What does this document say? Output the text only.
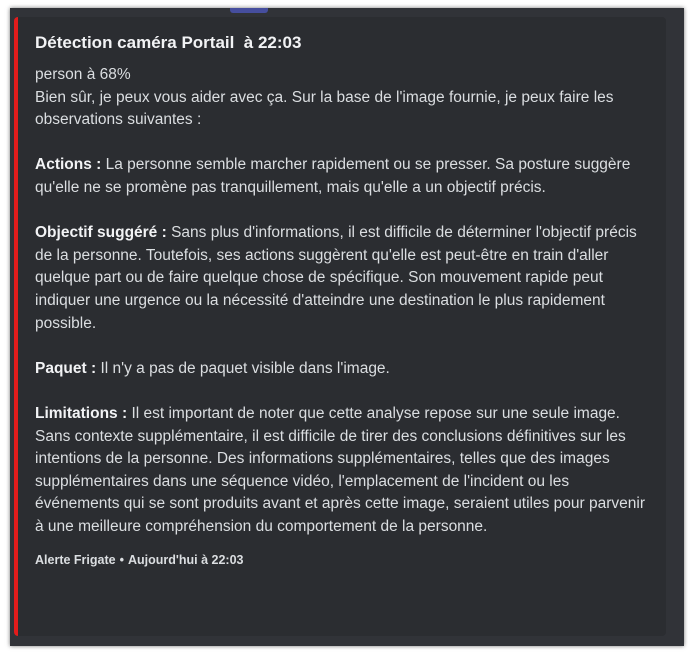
Détection caméra Portail  à 22:03

person à 68%
Bien sûr, je peux vous aider avec ça. Sur la base de l'image fournie, je peux faire les observations suivantes :

Actions : La personne semble marcher rapidement ou se presser. Sa posture suggère qu'elle ne se promène pas tranquillement, mais qu'elle a un objectif précis.

Objectif suggéré : Sans plus d'informations, il est difficile de déterminer l'objectif précis de la personne. Toutefois, ses actions suggèrent qu'elle est peut-être en train d'aller quelque part ou de faire quelque chose de spécifique. Son mouvement rapide peut indiquer une urgence ou la nécessité d'atteindre une destination le plus rapidement possible.

Paquet : Il n'y a pas de paquet visible dans l'image.

Limitations : Il est important de noter que cette analyse repose sur une seule image. Sans contexte supplémentaire, il est difficile de tirer des conclusions définitives sur les intentions de la personne. Des informations supplémentaires, telles que des images supplémentaires dans une séquence vidéo, l'emplacement de l'incident ou les événements qui se sont produits avant et après cette image, seraient utiles pour parvenir à une meilleure compréhension du comportement de la personne.

Alerte Frigate • Aujourd'hui à 22:03
